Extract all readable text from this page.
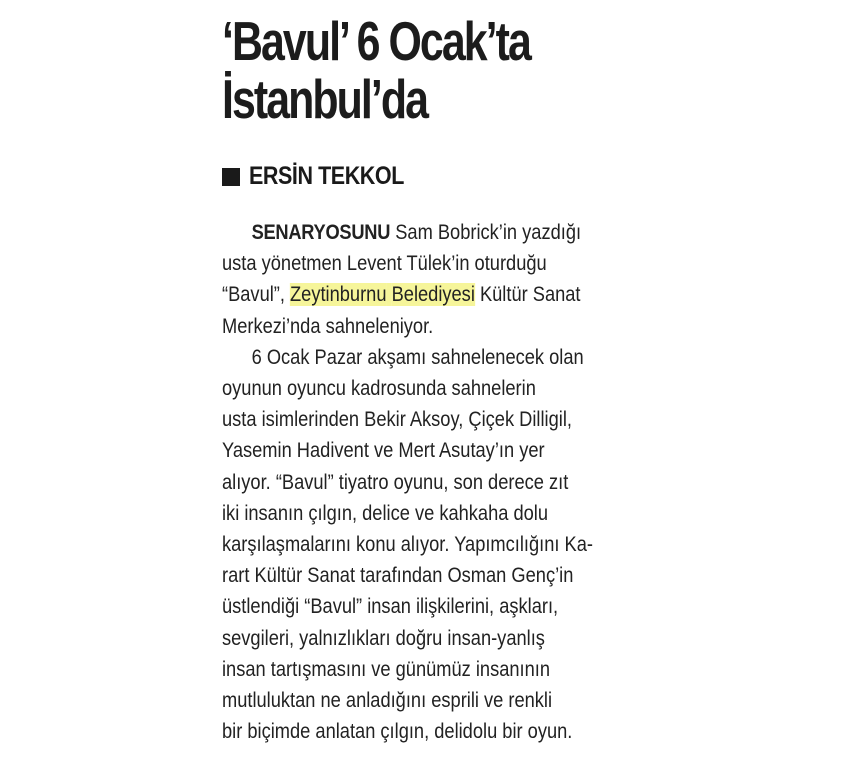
‘Bavul’ 6 Ocak’ta
İstanbul’da
ERSİN TEKKOL
SENARYOSUNU Sam Bobrick’in yazdığı
usta yönetmen Levent Tülek’in oturduğu
“Bavul”, Zeytinburnu Belediyesi Kültür Sanat
Merkezi’nda sahneleniyor.
6 Ocak Pazar akşamı sahnelenecek olan
oyunun oyuncu kadrosunda sahnelerin
usta isimlerinden Bekir Aksoy, Çiçek Dilligil,
Yasemin Hadivent ve Mert Asutay’ın yer
alıyor. “Bavul” tiyatro oyunu, son derece zıt
iki insanın çılgın, delice ve kahkaha dolu
karşılaşmalarını konu alıyor. Yapımcılığını Ka-
rart Kültür Sanat tarafından Osman Genç’in
üstlendiği “Bavul” insan ilişkilerini, aşkları,
sevgileri, yalnızlıkları doğru insan-yanlış
insan tartışmasını ve günümüz insanının
mutluluktan ne anladığını esprili ve renkli
bir biçimde anlatan çılgın, delidolu bir oyun.
